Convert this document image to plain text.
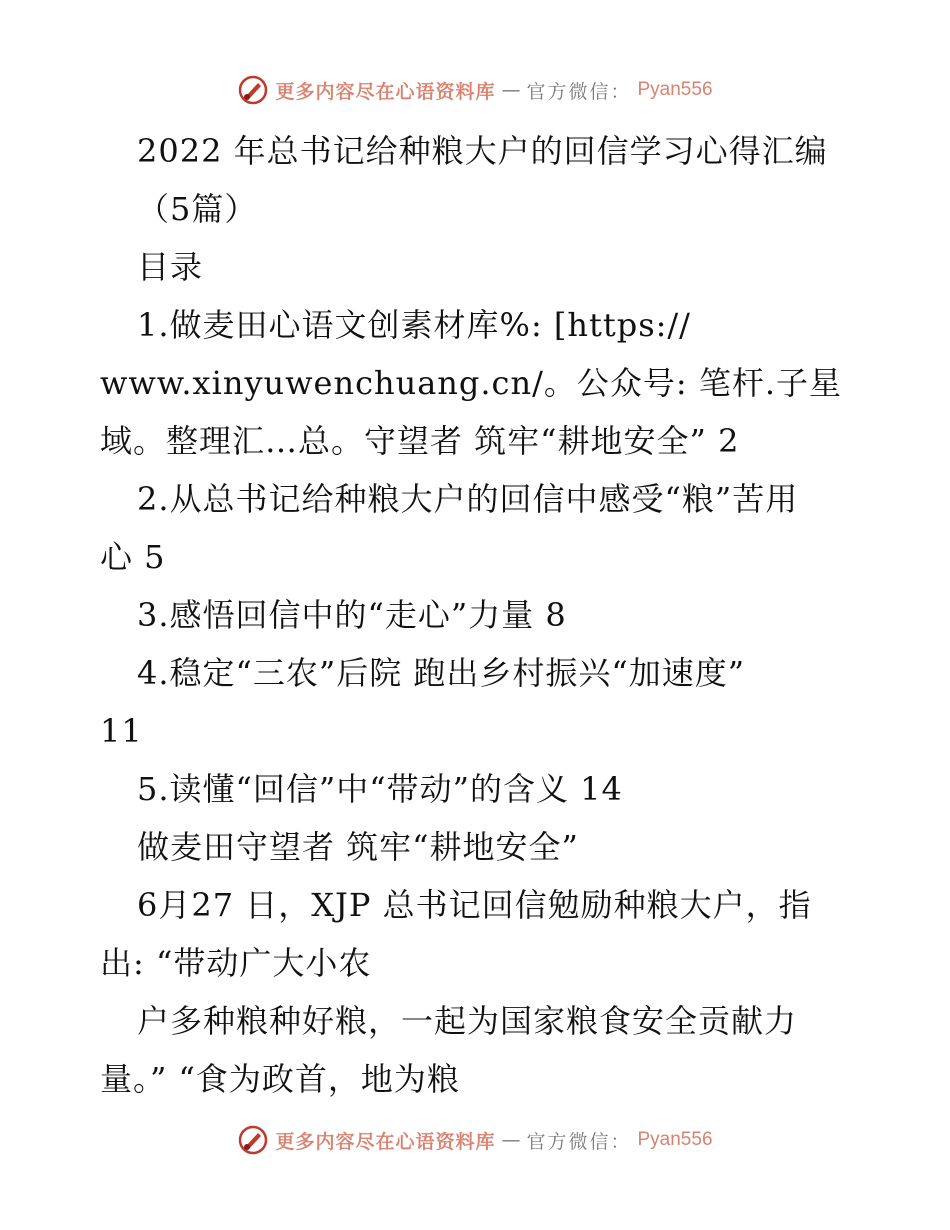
更多内容尽在心语资料库 — 官方微信： Pyan556
2022 年总书记给种粮大户的回信学习心得汇编
（5篇）
目录
1.做麦田心语文创素材库%: [https://
www.xinyuwenchuang.cn/。公众号: 笔杆.子星
域。整理汇…总。守望者 筑牢“耕地安全” 2
2.从总书记给种粮大户的回信中感受“粮”苦用
心 5
3.感悟回信中的“走心”力量 8
4.稳定“三农”后院 跑出乡村振兴“加速度”
11
5.读懂“回信”中“带动”的含义 14
做麦田守望者 筑牢“耕地安全”
6月27 日，XJP 总书记回信勉励种粮大户，指
出: “带动广大小农
户多种粮种好粮，一起为国家粮食安全贡献力
量。” “食为政首，地为粮
更多内容尽在心语资料库 — 官方微信： Pyan556
